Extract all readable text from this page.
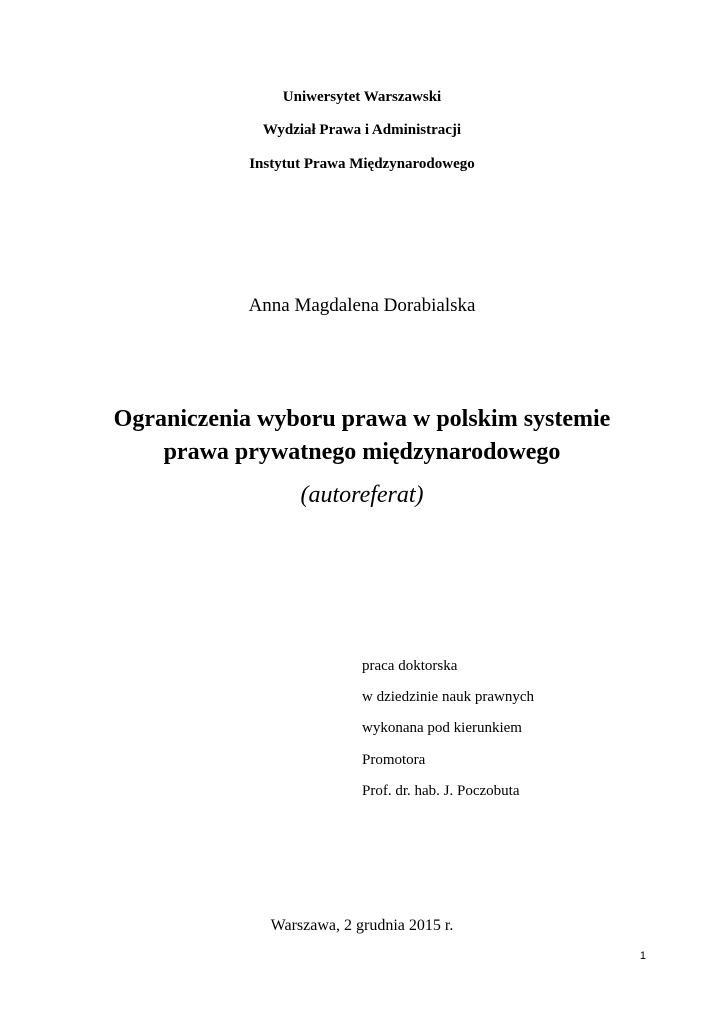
Uniwersytet Warszawski
Wydział Prawa i Administracji
Instytut Prawa Międzynarodowego
Anna Magdalena Dorabialska
Ograniczenia wyboru prawa w polskim systemie
prawa prywatnego międzynarodowego
(autoreferat)
praca doktorska
w dziedzinie nauk prawnych
wykonana pod kierunkiem
Promotora
Prof. dr. hab. J. Poczobuta
Warszawa, 2 grudnia 2015 r.
1
